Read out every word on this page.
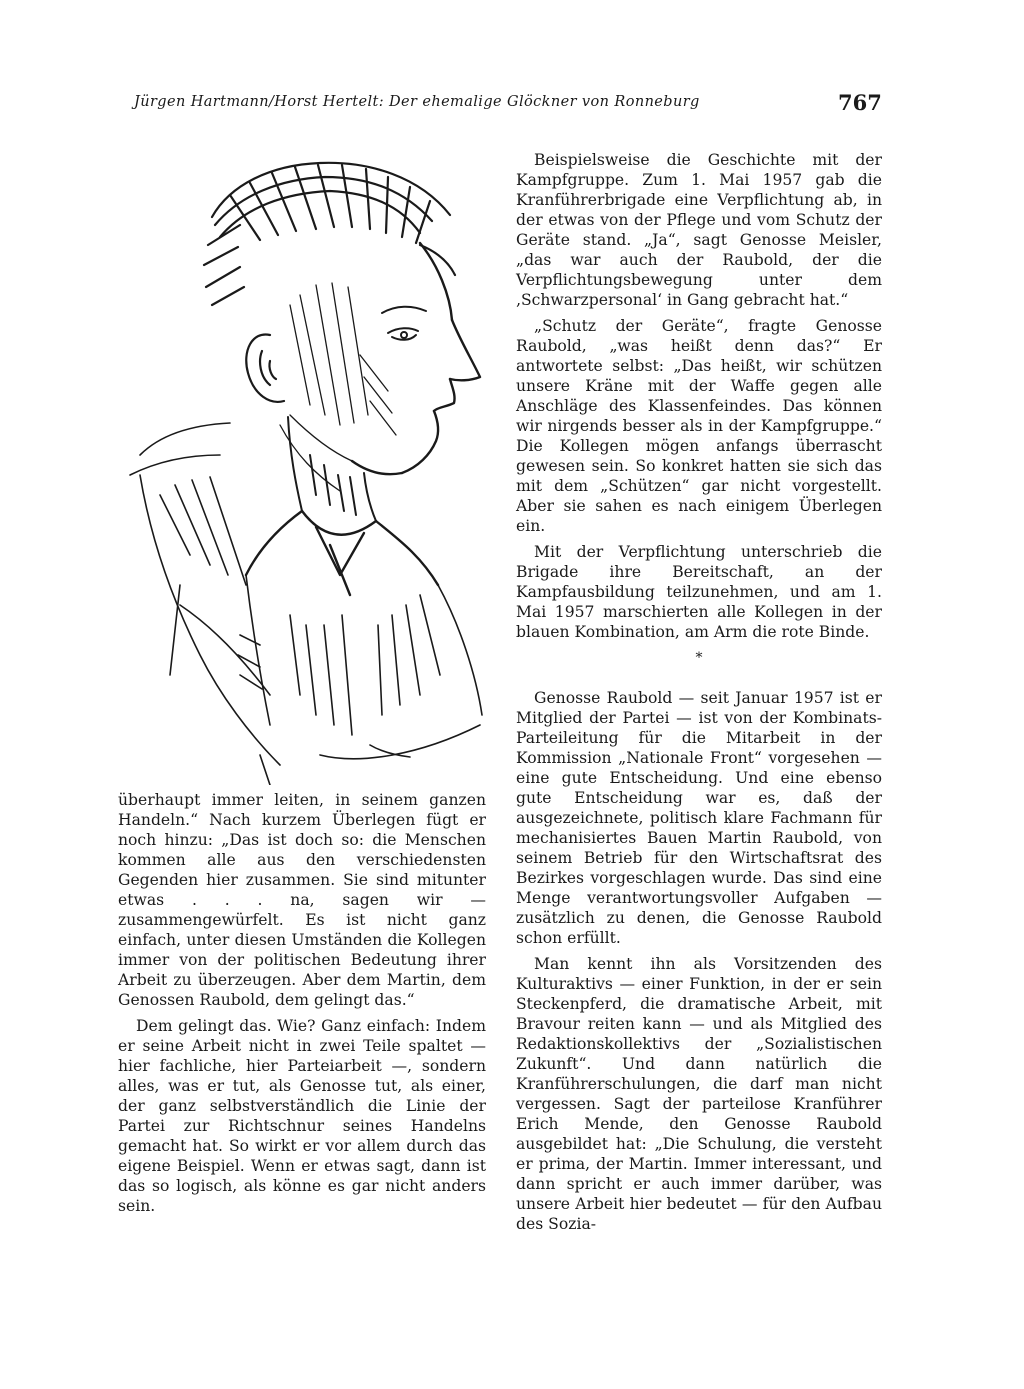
Jürgen Hartmann/Horst Hertelt: Der ehemalige Glöckner von Ronneburg	767

überhaupt immer leiten, in seinem ganzen Handeln.“ Nach kurzem Überlegen fügt er noch hinzu: „Das ist doch so: die Menschen kommen alle aus den verschiedensten Gegenden hier zusammen. Sie sind mitunter etwas . . . na, sagen wir — zusammengewürfelt. Es ist nicht ganz einfach, unter diesen Umständen die Kollegen immer von der politischen Bedeutung ihrer Arbeit zu überzeugen. Aber dem Martin, dem Genossen Raubold, dem gelingt das.“

Dem gelingt das. Wie? Ganz einfach: Indem er seine Arbeit nicht in zwei Teile spaltet — hier fachliche, hier Parteiarbeit —, sondern alles, was er tut, als Genosse tut, als einer, der ganz selbstverständlich die Linie der Partei zur Richtschnur seines Handelns gemacht hat. So wirkt er vor allem durch das eigene Beispiel. Wenn er etwas sagt, dann ist das so logisch, als könne es gar nicht anders sein.

Beispielsweise die Geschichte mit der Kampfgruppe. Zum 1. Mai 1957 gab die Kranführerbrigade eine Verpflichtung ab, in der etwas von der Pflege und vom Schutz der Geräte stand. „Ja“, sagt Genosse Meisler, „das war auch der Raubold, der die Verpflichtungsbewegung unter dem ‚Schwarzpersonal‘ in Gang gebracht hat.“

„Schutz der Geräte“, fragte Genosse Raubold, „was heißt denn das?“ Er antwortete selbst: „Das heißt, wir schützen unsere Kräne mit der Waffe gegen alle Anschläge des Klassenfeindes. Das können wir nirgends besser als in der Kampfgruppe.“ Die Kollegen mögen anfangs überrascht gewesen sein. So konkret hatten sie sich das mit dem „Schützen“ gar nicht vorgestellt. Aber sie sahen es nach einigem Überlegen ein.

Mit der Verpflichtung unterschrieb die Brigade ihre Bereitschaft, an der Kampfausbildung teilzunehmen, und am 1. Mai 1957 marschierten alle Kollegen in der blauen Kombination, am Arm die rote Binde.

*

Genosse Raubold — seit Januar 1957 ist er Mitglied der Partei — ist von der Kombinats-Parteileitung für die Mitarbeit in der Kommission „Nationale Front“ vorgesehen — eine gute Entscheidung. Und eine ebenso gute Entscheidung war es, daß der ausgezeichnete, politisch klare Fachmann für mechanisiertes Bauen Martin Raubold, von seinem Betrieb für den Wirtschaftsrat des Bezirkes vorgeschlagen wurde. Das sind eine Menge verantwortungsvoller Aufgaben — zusätzlich zu denen, die Genosse Raubold schon erfüllt.

Man kennt ihn als Vorsitzenden des Kulturaktivs — einer Funktion, in der er sein Steckenpferd, die dramatische Arbeit, mit Bravour reiten kann — und als Mitglied des Redaktionskollektivs der „Sozialistischen Zukunft“. Und dann natürlich die Kranführerschulungen, die darf man nicht vergessen. Sagt der parteilose Kranführer Erich Mende, den Genosse Raubold ausgebildet hat: „Die Schulung, die versteht er prima, der Martin. Immer interessant, und dann spricht er auch immer darüber, was unsere Arbeit hier bedeutet — für den Aufbau des Sozia-
